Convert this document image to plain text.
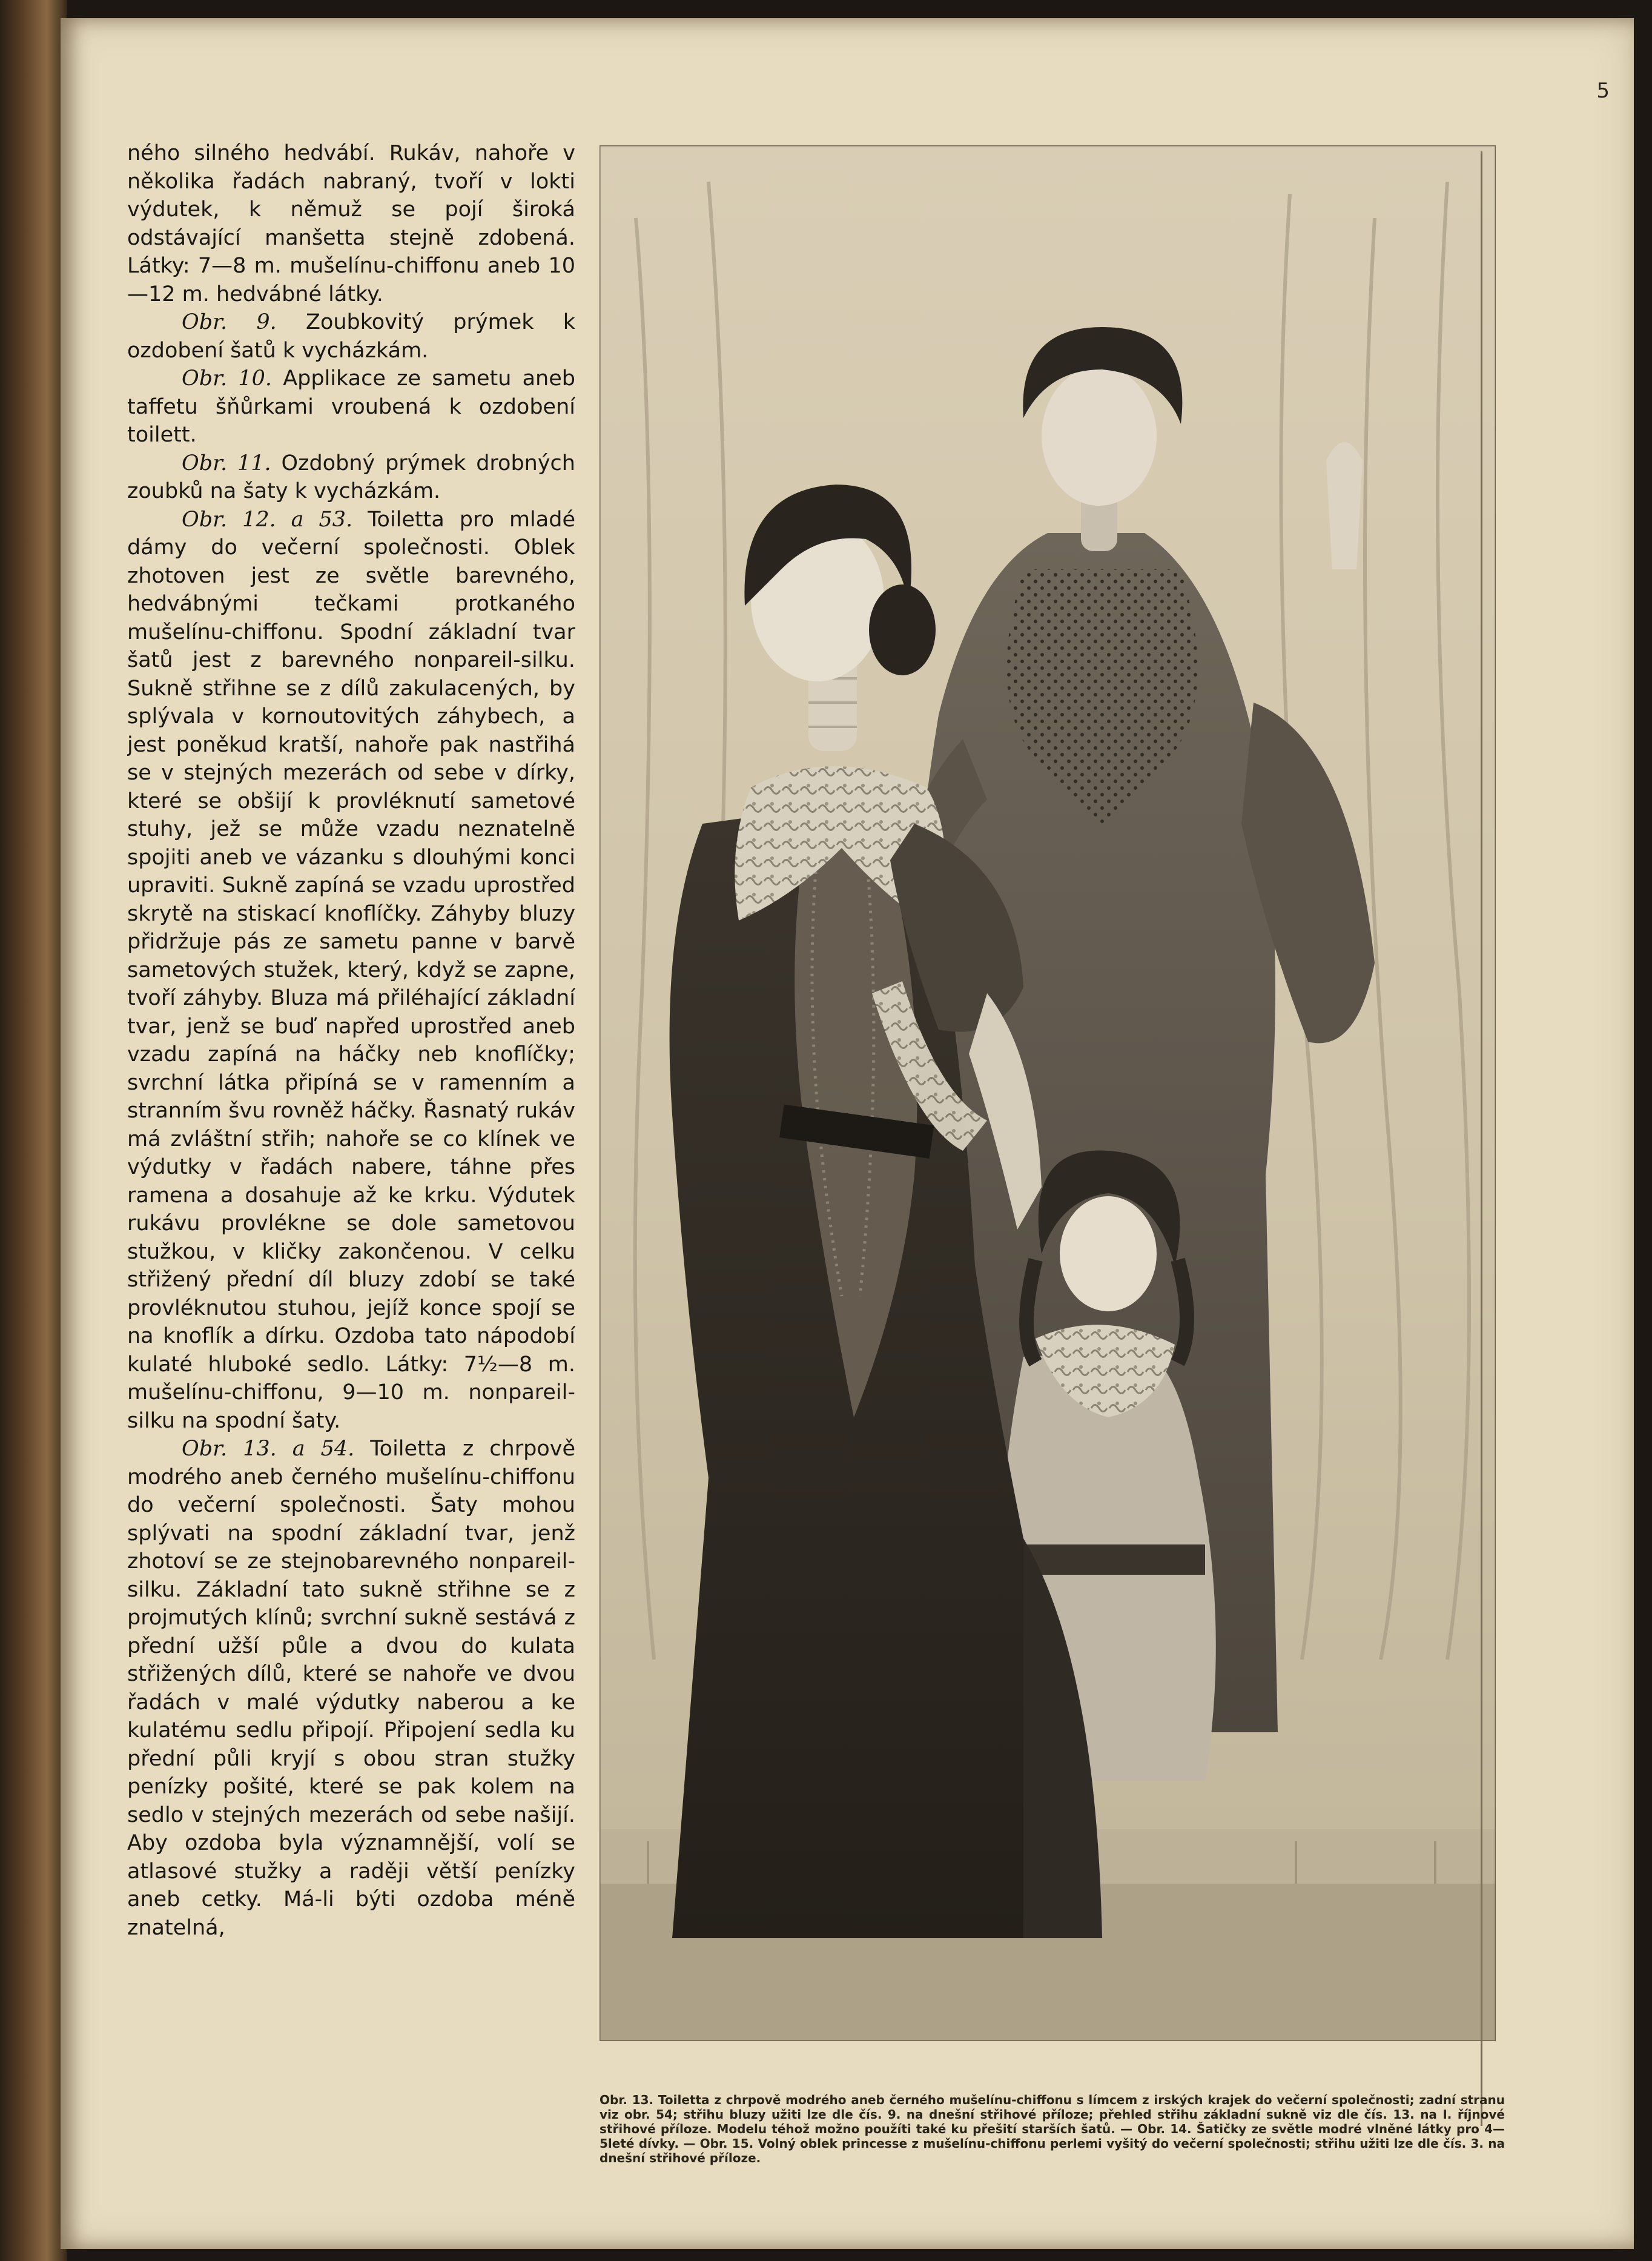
5

ného silného hedvábí. Rukáv, nahoře v několika řadách nabraný, tvoří v lokti výdutek, k němuž se pojí široká odstávající manšetta stejně zdobená. Látky: 7—8 m. mušelínu-chiffonu aneb 10—12 m. hedvábné látky.

Obr. 9. Zoubkovitý prýmek k ozdobení šatů k vycházkám.

Obr. 10. Applikace ze sametu aneb taffetu šňůrkami vroubená k ozdobení toilett.

Obr. 11. Ozdobný prýmek drobných zoubků na šaty k vycházkám.

Obr. 12. a 53. Toiletta pro mladé dámy do večerní společnosti. Oblek zhotoven jest ze světle barevného, hedvábnými tečkami protkaného mušelínu-chiffonu. Spodní základní tvar šatů jest z barevného nonpareil-silku. Sukně střihne se z dílů zakulacených, by splývala v kornoutovitých záhybech, a jest poněkud kratší, nahoře pak nastřihá se v stejných mezerách od sebe v dírky, které se obšijí k provléknutí sametové stuhy, jež se může vzadu neznatelně spojiti aneb ve vázanku s dlouhými konci upraviti. Sukně zapíná se vzadu uprostřed skrytě na stiskací knoflíčky. Záhyby bluzy přidržuje pás ze sametu panne v barvě sametových stužek, který, když se zapne, tvoří záhyby. Bluza má přiléhající základní tvar, jenž se buď napřed uprostřed aneb vzadu zapíná na háčky neb knoflíčky; svrchní látka připíná se v ramenním a stranním švu rovněž háčky. Řasnatý rukáv má zvláštní střih; nahoře se co klínek ve výdutky v řadách nabere, táhne přes ramena a dosahuje až ke krku. Výdutek rukávu provlékne se dole sametovou stužkou, v kličky zakončenou. V celku střižený přední díl bluzy zdobí se také provléknutou stuhou, jejíž konce spojí se na knoflík a dírku. Ozdoba tato nápodobí kulaté hluboké sedlo. Látky: 7½—8 m. mušelínu-chiffonu, 9—10 m. nonpareil-silku na spodní šaty.

Obr. 13. a 54. Toiletta z chrpově modrého aneb černého mušelínu-chiffonu do večerní společnosti. Šaty mohou splývati na spodní základní tvar, jenž zhotoví se ze stejnobarevného nonpareil-silku. Základní tato sukně střihne se z projmutých klínů; svrchní sukně sestává z přední užší půle a dvou do kulata střižených dílů, které se nahoře ve dvou řadách v malé výdutky naberou a ke kulatému sedlu připojí. Připojení sedla ku přední půli kryjí s obou stran stužky penízky pošité, které se pak kolem na sedlo v stejných mezerách od sebe našijí. Aby ozdoba byla významnější, volí se atlasové stužky a raději větší penízky aneb cetky. Má-li býti ozdoba méně znatelná,

Obr. 13. Toiletta z chrpově modrého aneb černého mušelínu-chiffonu s límcem z irských krajek do večerní společnosti; zadní stranu viz obr. 54; střihu bluzy užiti lze dle čís. 9. na dnešní střihové příloze; přehled střihu základní sukně viz dle čís. 13. na I. říjnové střihové příloze. Modelu téhož možno použíti také ku přešití starších šatů. — Obr. 14. Šatičky ze světle modré vlněné látky pro 4—5leté dívky. — Obr. 15. Volný oblek princesse z mušelínu-chiffonu perlemi vyšitý do večerní společnosti; střihu užiti lze dle čís. 3. na dnešní střihové příloze.
